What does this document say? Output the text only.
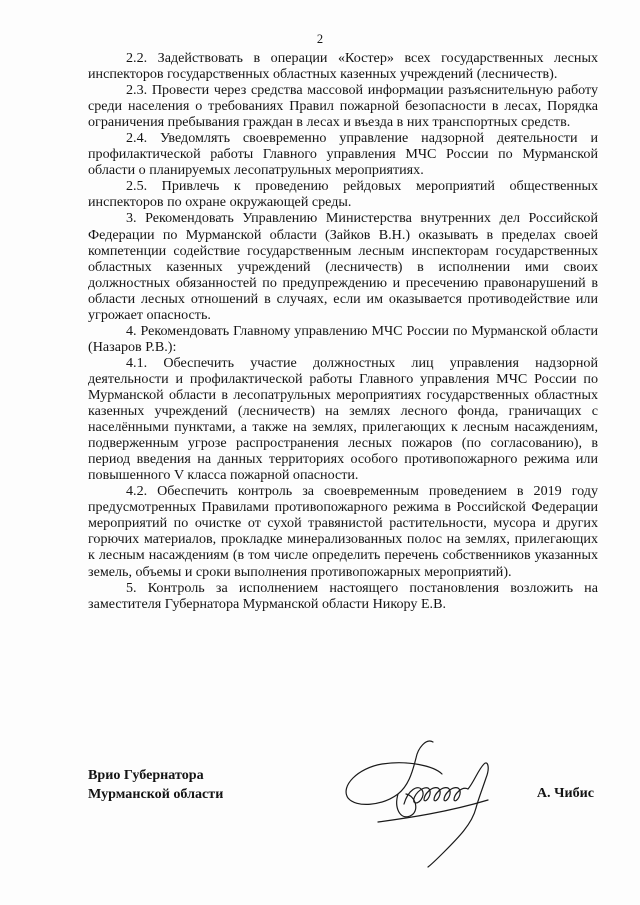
2

2.2. Задействовать в операции «Костер» всех государственных лесных инспекторов государственных областных казенных учреждений (лесничеств).

2.3. Провести через средства массовой информации разъяснительную работу среди населения о требованиях Правил пожарной безопасности в лесах, Порядка ограничения пребывания граждан в лесах и въезда в них транспортных средств.

2.4. Уведомлять своевременно управление надзорной деятельности и профилактической работы Главного управления МЧС России по Мурманской области о планируемых лесопатрульных мероприятиях.

2.5. Привлечь к проведению рейдовых мероприятий общественных инспекторов по охране окружающей среды.

3. Рекомендовать Управлению Министерства внутренних дел Российской Федерации по Мурманской области (Зайков В.Н.) оказывать в пределах своей компетенции содействие государственным лесным инспекторам государственных областных казенных учреждений (лесничеств) в исполнении ими своих должностных обязанностей по предупреждению и пресечению правонарушений в области лесных отношений в случаях, если им оказывается противодействие или угрожает опасность.

4. Рекомендовать Главному управлению МЧС России по Мурманской области (Назаров Р.В.):

4.1. Обеспечить участие должностных лиц управления надзорной деятельности и профилактической работы Главного управления МЧС России по Мурманской области в лесопатрульных мероприятиях государственных областных казенных учреждений (лесничеств) на землях лесного фонда, граничащих с населёнными пунктами, а также на землях, прилегающих к лесным насаждениям, подверженным угрозе распространения лесных пожаров (по согласованию), в период введения на данных территориях особого противопожарного режима или повышенного V класса пожарной опасности.

4.2. Обеспечить контроль за своевременным проведением в 2019 году предусмотренных Правилами противопожарного режима в Российской Федерации мероприятий по очистке от сухой травянистой растительности, мусора и других горючих материалов, прокладке минерализованных полос на землях, прилегающих к лесным насаждениям (в том числе определить перечень собственников указанных земель, объемы и сроки выполнения противопожарных мероприятий).

5. Контроль за исполнением настоящего постановления возложить на заместителя Губернатора Мурманской области Никору Е.В.

Врио Губернатора
Мурманской области	А. Чибис
